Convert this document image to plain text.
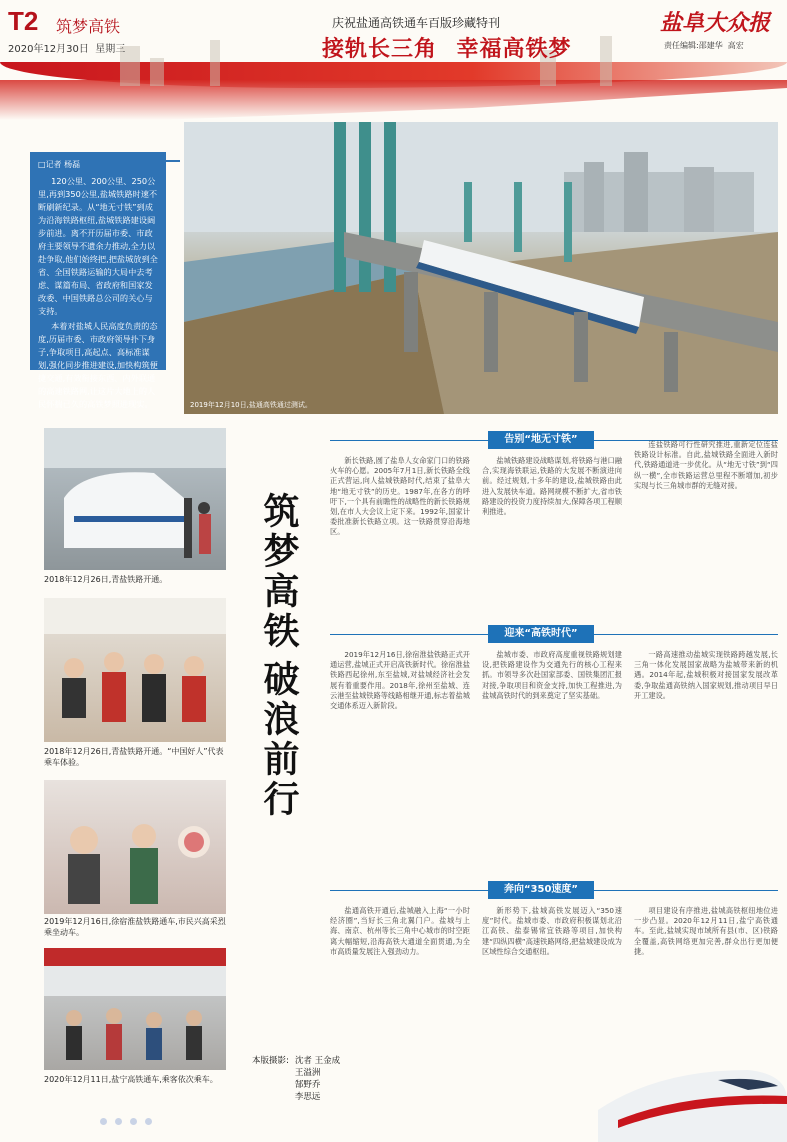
T2 筑梦高铁
2020年12月30日 星期三
庆祝盐通高铁通车百版珍藏特刊
接轨长三角 幸福高铁梦
盐阜大众报
责任编辑:邵建华 高宏
2019年12月10日,盐通高铁通过测试。
□记者 杨磊

120公里、200公里、250公里,再到350公里,盐城铁路时速不断刷新纪录。从“地无寸铁”到成为沿海铁路枢纽,盐城铁路建设阔步前进。离不开历届市委、市政府主要领导不遗余力推动,全力以赴争取,他们始终把,把盐城放到全省、全国铁路运输的大局中去考虑、谋篇布局、省政府和国家发改委、中国铁路总公司的关心与支持。

本着对盐城人民高度负责的态度,历届市委、市政府领导扑下身子,争取项目,高起点、高标准谋划,强化同步推进建设,加快构筑便捷交通,有效衔接东西、内外联通的高速铁路网,让这片大地上的人民怀揣已久的高铁梦照进现实。

2018年12月26日,青盐铁路开通。
2018年12月26日,青盐铁路开通。“中国好人”代表乘车体验。
2019年12月16日,徐宿淮盐铁路通车,市民兴高采烈乘坐动车。
2020年12月11日,盐宁高铁通车,乘客依次乘车。
筑梦高铁
破浪前行
告别“地无寸铁”

新长铁路,圆了盐阜人女命家门口的铁路火车的心愿。2005年7月1日,新长铁路全线正式营运,向人盐城铁路时代,结束了盐阜大地“地无寸铁”的历史。1987年,在各方的呼吁下,一个具有前瞻性的战略性的新长铁路规划,在市人大会议上定下来。1992年,国家计委批准新长铁路立项。这一铁路贯穿沿海地区。

盐城铁路建设战略谋划,将铁路与港口融合,实现海铁联运,铁路的大发展不断演进向前。经过规划,十多年的建设,盐城铁路由此进入发展快车道。路网规模不断扩大,省市铁路建设的投资力度持续加大,保障各项工程顺利推进。

连盐铁路可行性研究推进,重新定位连盐铁路设计标准。自此,盐城铁路全面进入新时代,铁路通道进一步优化。从“地无寸铁”到“四纵一横”,全市铁路运营总里程不断增加,初步实现与长三角城市群的无缝对接。

迎来“高铁时代”

2019年12月16日,徐宿淮盐铁路正式开通运营,盐城正式开启高铁新时代。徐宿淮盐铁路西起徐州,东至盐城,对盐城经济社会发展有着重要作用。2018年,徐州至盐城、连云港至盐城铁路等线路相继开通,标志着盐城交通体系迈入新阶段。

盐城市委、市政府高度重视铁路规划建设,把铁路建设作为交通先行的核心工程来抓。市领导多次赴国家部委、国铁集团汇报对接,争取项目和资金支持,加快工程推进,为盐城高铁时代的到来奠定了坚实基础。

一路高速推动盐城实现铁路跨越发展,长三角一体化发展国家战略为盐城带来新的机遇。2014年起,盐城积极对接国家发展改革委,争取盐通高铁纳入国家规划,推动项目早日开工建设。

奔向“350速度”

盐通高铁开通后,盐城融入上海“一小时经济圈”,当好长三角北翼门户。盐城与上海、南京、杭州等长三角中心城市的时空距离大幅缩短,沿海高铁大通道全面贯通,为全市高质量发展注入强劲动力。

新形势下,盐城高铁发展迈入“350速度”时代。盐城市委、市政府积极谋划北沿江高铁、盐泰锡常宜铁路等项目,加快构建“四纵四横”高速铁路网络,把盐城建设成为区域性综合交通枢纽。

项目建设有序推进,盐城高铁枢纽地位进一步凸显。2020年12月11日,盐宁高铁通车。至此,盐城实现市域所有县(市、区)铁路全覆盖,高铁网络更加完善,群众出行更加便捷。

本版摄影: 沈者 王金成
王溢洲
郜野乔
李思远
